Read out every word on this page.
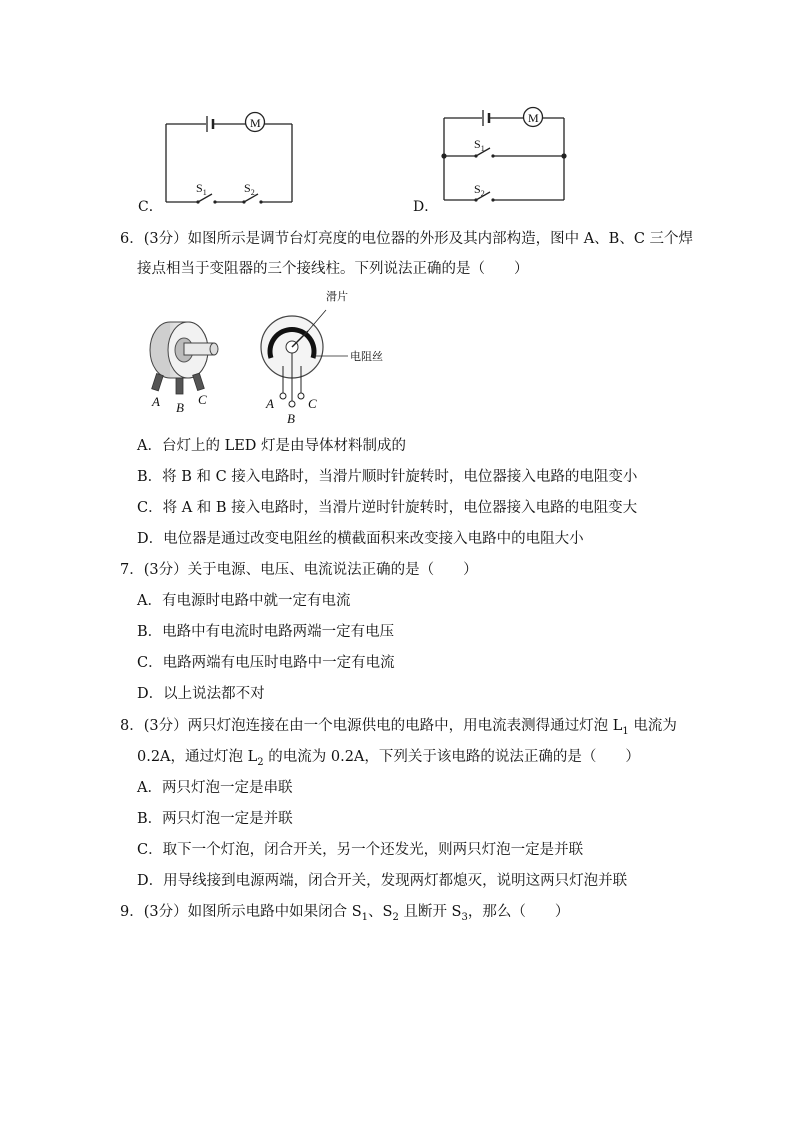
M
$S_1$	$S_2$
C．
M
$S_1$
$S_2$
D．
6．(3分）如图所示是调节台灯亮度的电位器的外形及其内部构造，图中 A、B、C 三个焊
接点相当于变阻器的三个接线柱。下列说法正确的是（　　）
A B
C
滑片
电阻丝
A
B
C
A．台灯上的 LED 灯是由导体材料制成的
B．将 B 和 C 接入电路时，当滑片顺时针旋转时，电位器接入电路的电阻变小
C．将 A 和 B 接入电路时，当滑片逆时针旋转时，电位器接入电路的电阻变大
D．电位器是通过改变电阻丝的横截面积来改变接入电路中的电阻大小
7．(3分）关于电源、电压、电流说法正确的是（　　）
A．有电源时电路中就一定有电流
B．电路中有电流时电路两端一定有电压
C．电路两端有电压时电路中一定有电流
D．以上说法都不对
8．(3分）两只灯泡连接在由一个电源供电的电路中，用电流表测得通过灯泡 $L_1$ 电流为
0.2A，通过灯泡 $L_2$ 的电流为 0.2A，下列关于该电路的说法正确的是（　　）
A．两只灯泡一定是串联
B．两只灯泡一定是并联
C．取下一个灯泡，闭合开关，另一个还发光，则两只灯泡一定是并联
D．用导线接到电源两端，闭合开关，发现两灯都熄灭，说明这两只灯泡并联
9．(3分）如图所示电路中如果闭合 $S_1$、$S_2$ 且断开 $S_3$，那么（　　）
